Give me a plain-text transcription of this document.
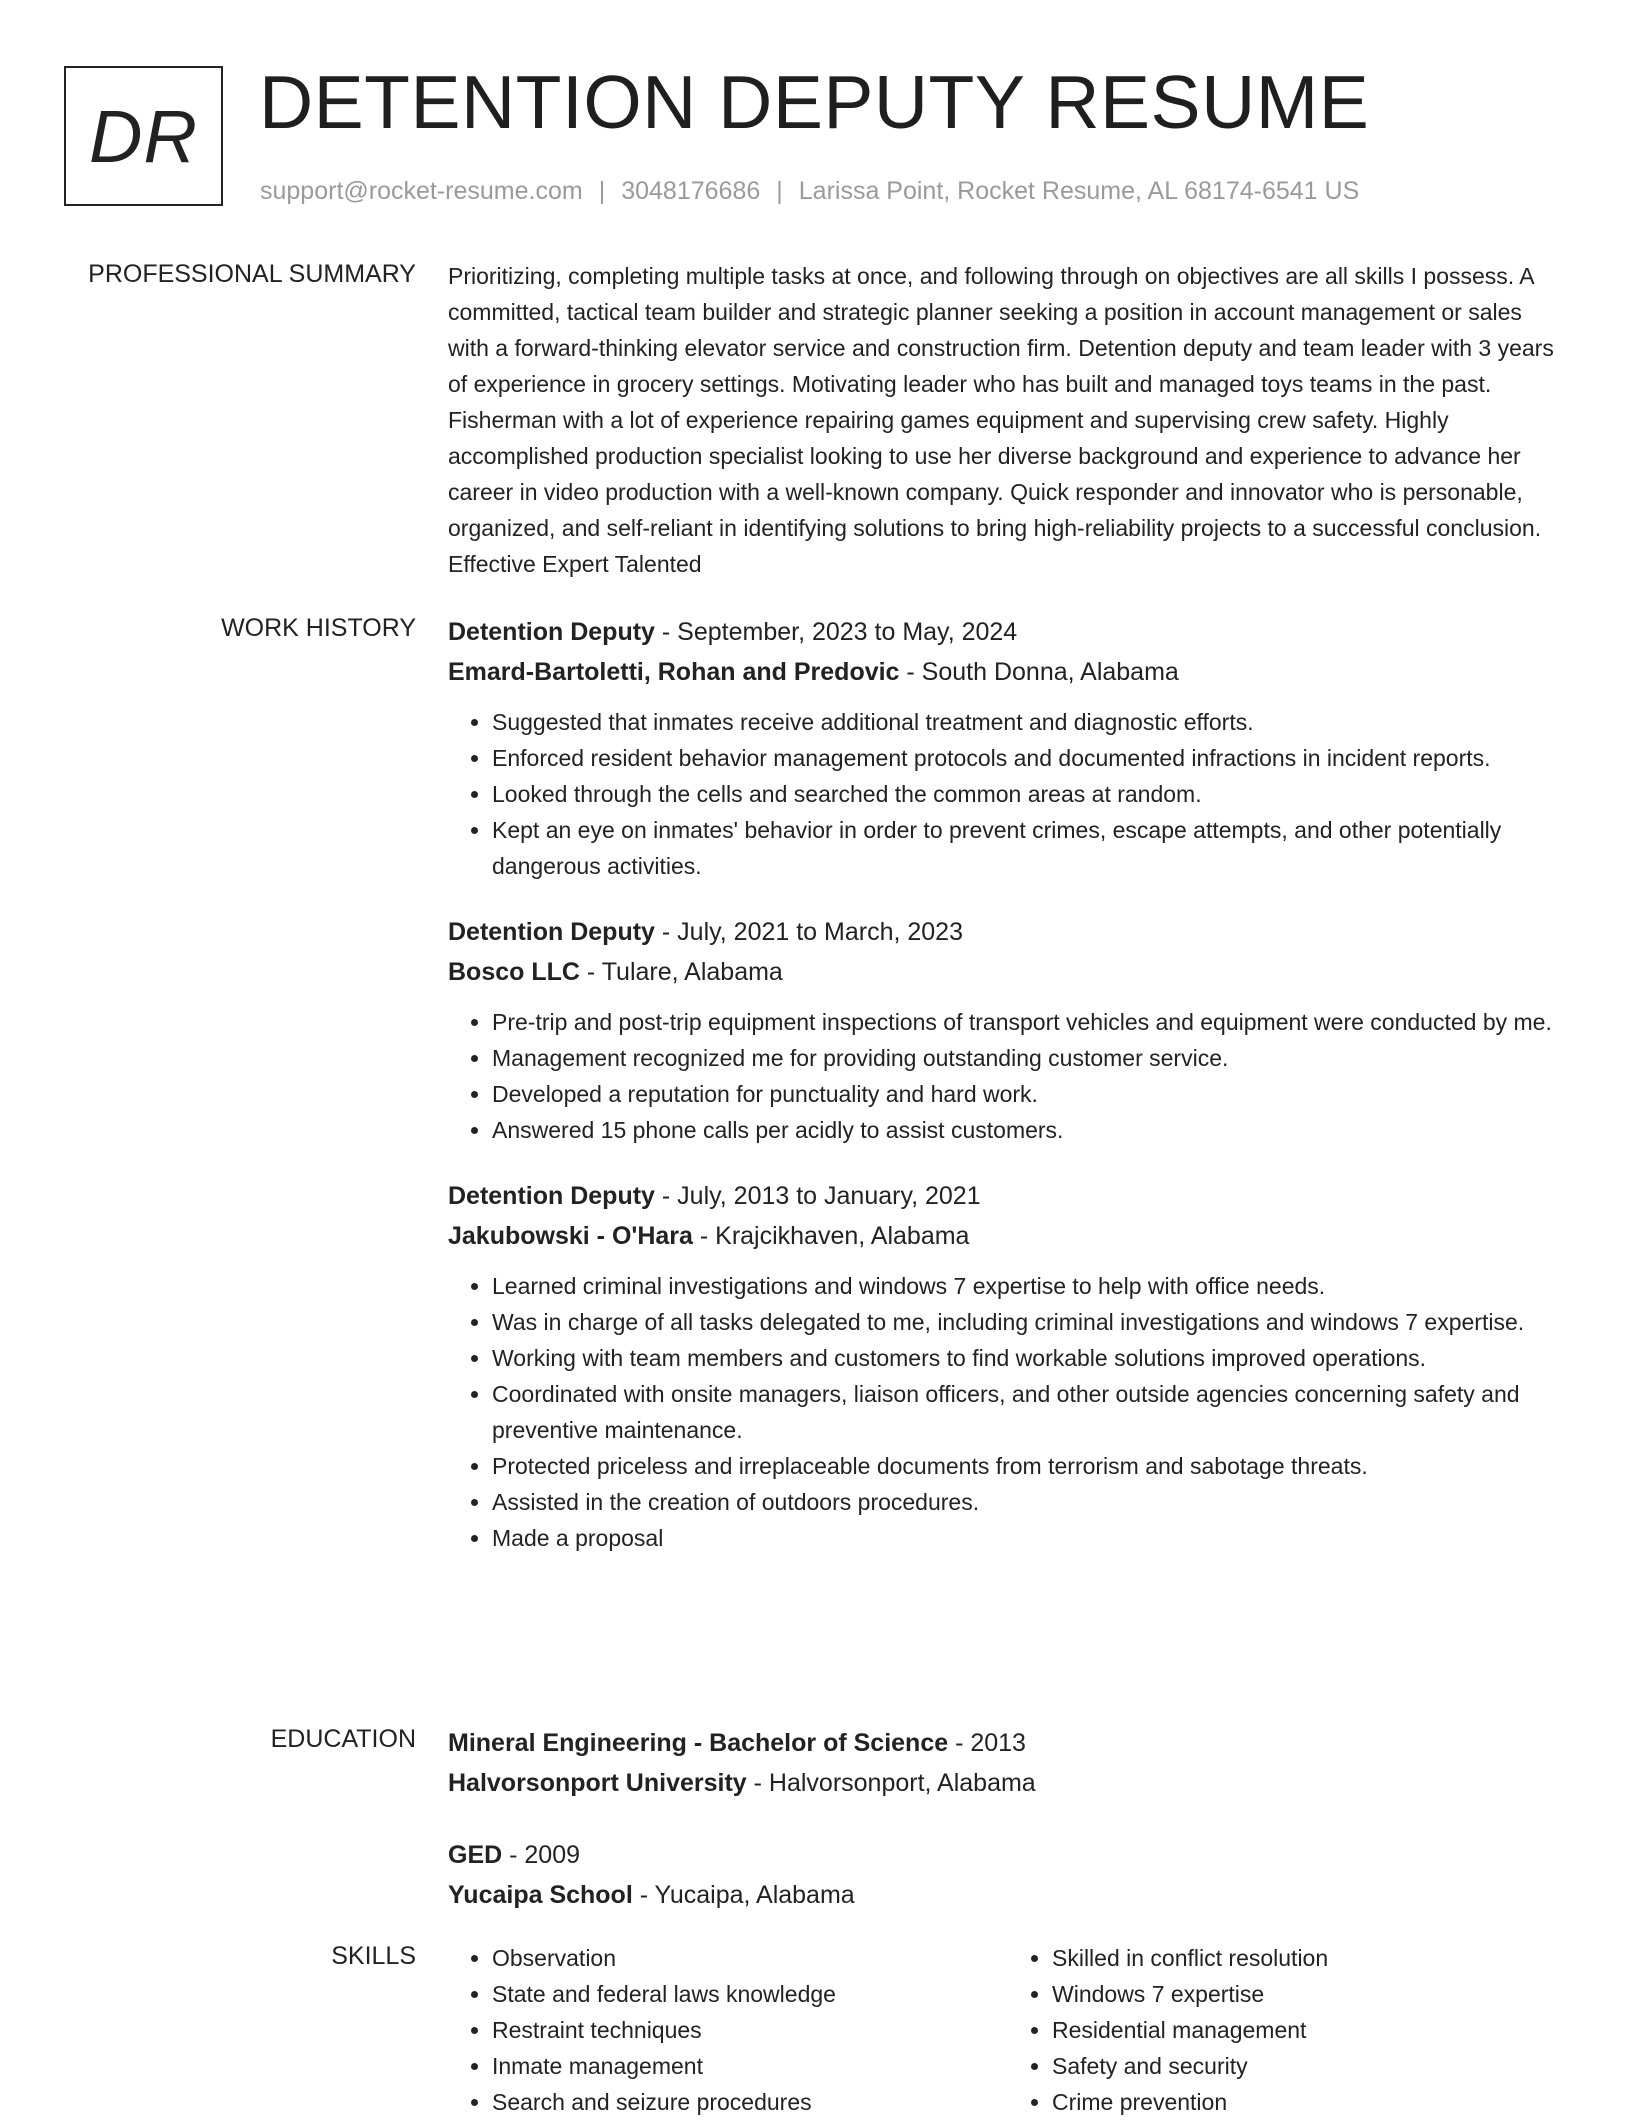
DR DETENTION DEPUTY RESUME
support@rocket-resume.com | 3048176686 | Larissa Point, Rocket Resume, AL 68174-6541 US
PROFESSIONAL SUMMARY Prioritizing, completing multiple tasks at once, and following through on objectives are all skills I possess. A committed, tactical team builder and strategic planner seeking a position in account management or sales with a forward-thinking elevator service and construction firm. Detention deputy and team leader with 3 years of experience in grocery settings. Motivating leader who has built and managed toys teams in the past. Fisherman with a lot of experience repairing games equipment and supervising crew safety. Highly accomplished production specialist looking to use her diverse background and experience to advance her career in video production with a well-known company. Quick responder and innovator who is personable, organized, and self-reliant in identifying solutions to bring high-reliability projects to a successful conclusion. Effective Expert Talented

WORK HISTORY Detention Deputy - September, 2023 to May, 2024

Emard-Bartoletti, Rohan and Predovic - South Donna, Alabama

• Suggested that inmates receive additional treatment and diagnostic efforts.
• Enforced resident behavior management protocols and documented infractions in incident reports.
• Looked through the cells and searched the common areas at random.
• Kept an eye on inmates' behavior in order to prevent crimes, escape attempts, and other potentially dangerous activities.

Detention Deputy - July, 2021 to March, 2023

Bosco LLC - Tulare, Alabama

• Pre-trip and post-trip equipment inspections of transport vehicles and equipment were conducted by me.
• Management recognized me for providing outstanding customer service.
• Developed a reputation for punctuality and hard work.
• Answered 15 phone calls per acidly to assist customers.

Detention Deputy - July, 2013 to January, 2021

Jakubowski - O'Hara - Krajcikhaven, Alabama

• Learned criminal investigations and windows 7 expertise to help with office needs.
• Was in charge of all tasks delegated to me, including criminal investigations and windows 7 expertise.
• Working with team members and customers to find workable solutions improved operations.
• Coordinated with onsite managers, liaison officers, and other outside agencies concerning safety and preventive maintenance.
• Protected priceless and irreplaceable documents from terrorism and sabotage threats.
• Assisted in the creation of outdoors procedures.
• Made a proposal
EDUCATION Mineral Engineering - Bachelor of Science - 2013

Halvorsonport University - Halvorsonport, Alabama

GED - 2009

Yucaipa School - Yucaipa, Alabama

SKILLS
•	Observation
• State and federal laws knowledge
• Restraint techniques
• Inmate management
• Search and seizure procedures
• Skilled in conflict resolution
• Windows 7 expertise
• Residential management
• Safety and security
• Crime prevention
